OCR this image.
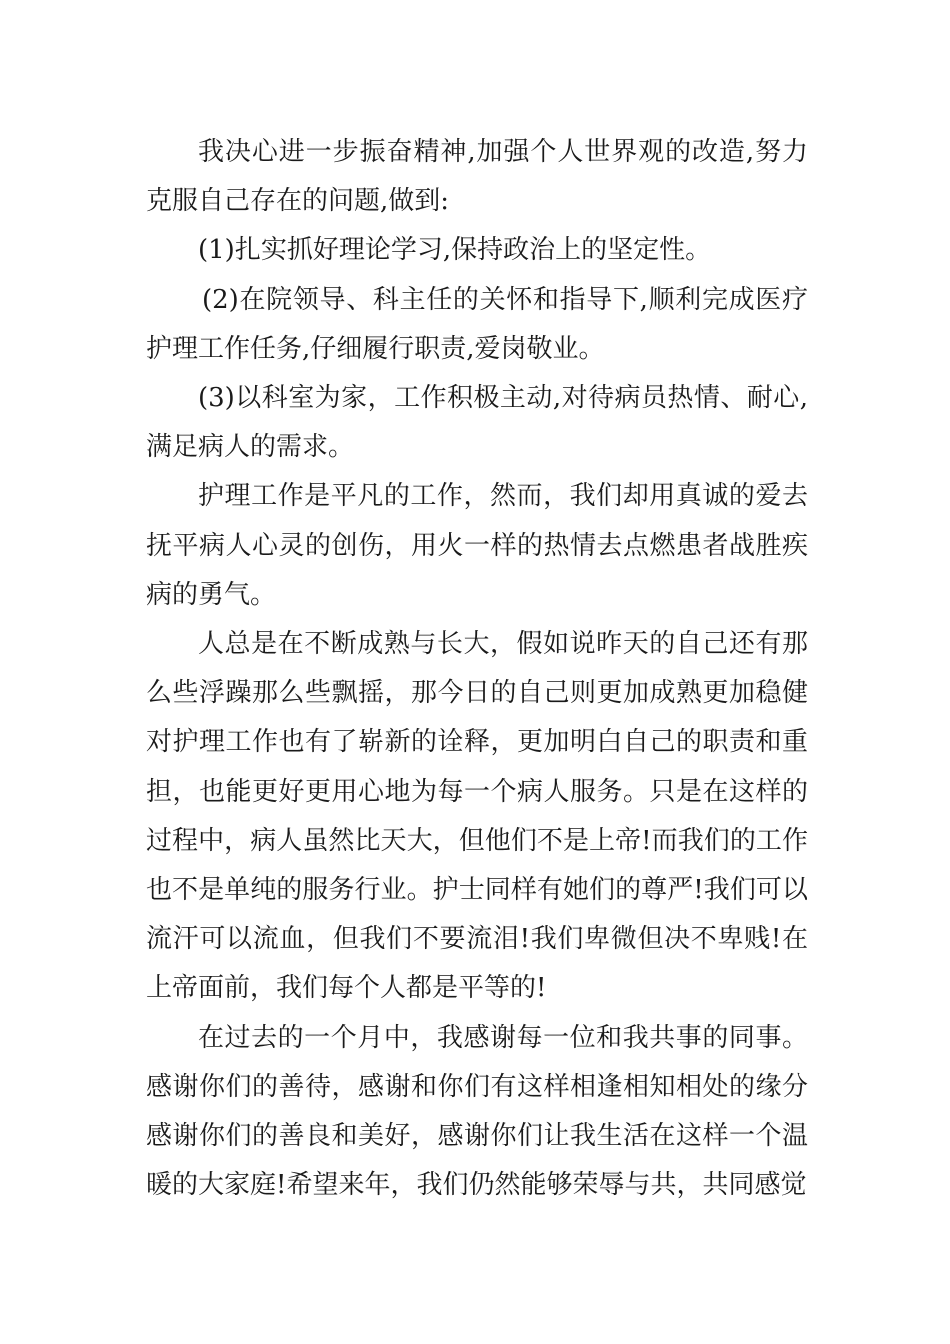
我决心进一步振奋精神,加强个人世界观的改造,努力克服自己存在的问题,做到:

(1)扎实抓好理论学习,保持政治上的坚定性。

(2)在院领导、科主任的关怀和指导下,顺利完成医疗护理工作任务,仔细履行职责,爱岗敬业。

(3)以科室为家，工作积极主动,对待病员热情、耐心,满足病人的需求。

护理工作是平凡的工作，然而，我们却用真诚的爱去抚平病人心灵的创伤，用火一样的热情去点燃患者战胜疾病的勇气。

人总是在不断成熟与长大，假如说昨天的自己还有那么些浮躁那么些飘摇，那今日的自己则更加成熟更加稳健对护理工作也有了崭新的诠释，更加明白自己的职责和重担，也能更好更用心地为每一个病人服务。只是在这样的过程中，病人虽然比天大，但他们不是上帝!而我们的工作也不是单纯的服务行业。护士同样有她们的尊严!我们可以流汗可以流血，但我们不要流泪!我们卑微但决不卑贱!在上帝面前，我们每个人都是平等的!

在过去的一个月中，我感谢每一位和我共事的同事。感谢你们的善待，感谢和你们有这样相逢相知相处的缘分感谢你们的善良和美好，感谢你们让我生活在这样一个温暖的大家庭!希望来年，我们仍然能够荣辱与共，共同感觉
